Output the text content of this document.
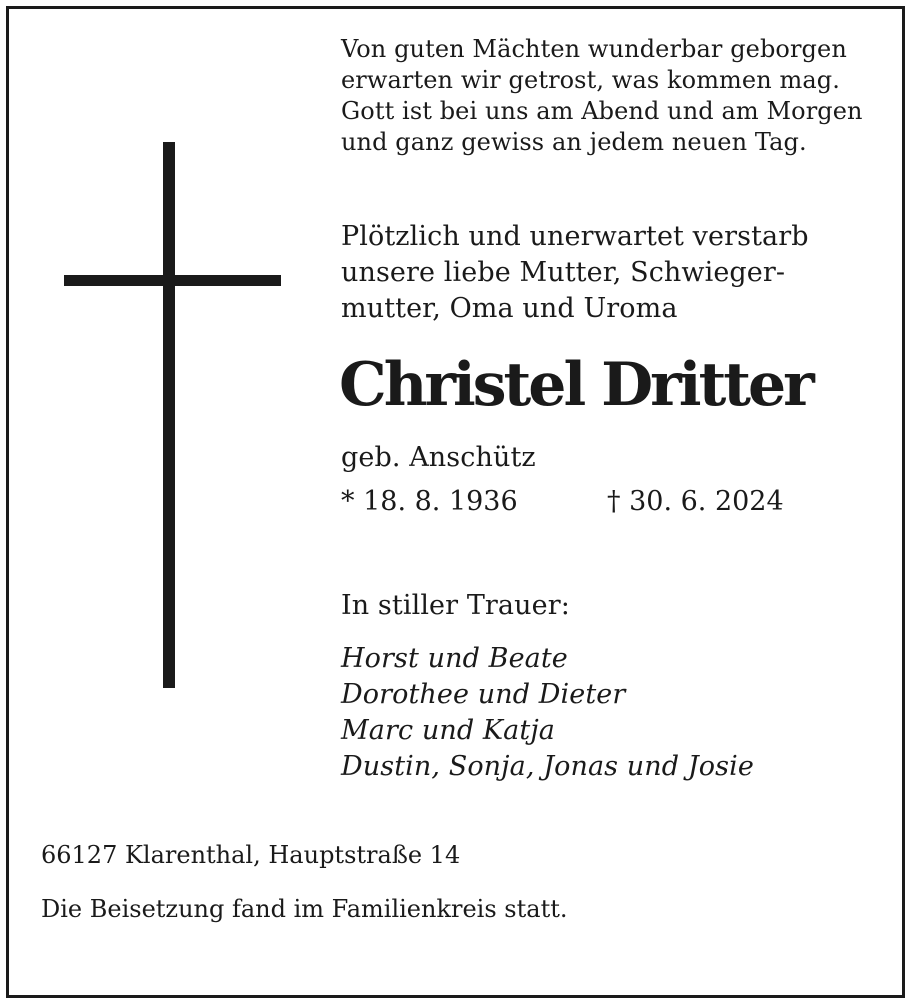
Von guten Mächten wunderbar geborgen
erwarten wir getrost, was kommen mag.
Gott ist bei uns am Abend und am Morgen
und ganz gewiss an jedem neuen Tag.
Plötzlich und unerwartet verstarb
unsere liebe Mutter, Schwieger-
mutter, Oma und Uroma
Christel Dritter
geb. Anschütz
* 18. 8. 1936	† 30. 6. 2024
In stiller Trauer:
Horst und Beate
Dorothee und Dieter
Marc und Katja
Dustin, Sonja, Jonas und Josie
66127 Klarenthal, Hauptstraße 14
Die Beisetzung fand im Familienkreis statt.
